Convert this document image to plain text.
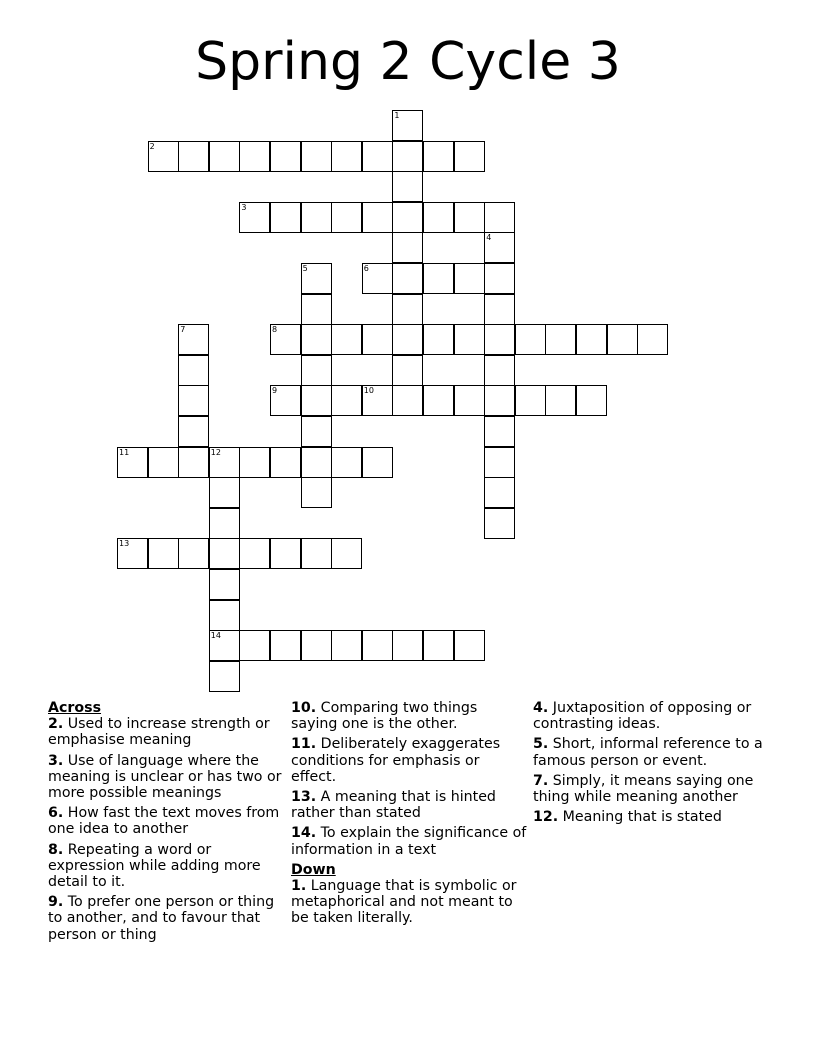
Spring 2 Cycle 3
1
2
3
4
5	6
7	8
9	10
11	12
14
13
Across
2. Used to increase strength or emphasise meaning
3. Use of language where the meaning is unclear or has two or more possible meanings
6. How fast the text moves from one idea to another
8. Repeating a word or expression while adding more detail to it.
9. To prefer one person or thing to another, and to favour that person or thing
10. Comparing two things saying one is the other.
11. Deliberately exaggerates conditions for emphasis or effect.
13. A meaning that is hinted rather than stated
14. To explain the significance of information in a text
Down
1. Language that is symbolic or metaphorical and not meant to be taken literally.
4. Juxtaposition of opposing or contrasting ideas.
5. Short, informal reference to a famous person or event.
7. Simply, it means saying one thing while meaning another
12. Meaning that is stated
